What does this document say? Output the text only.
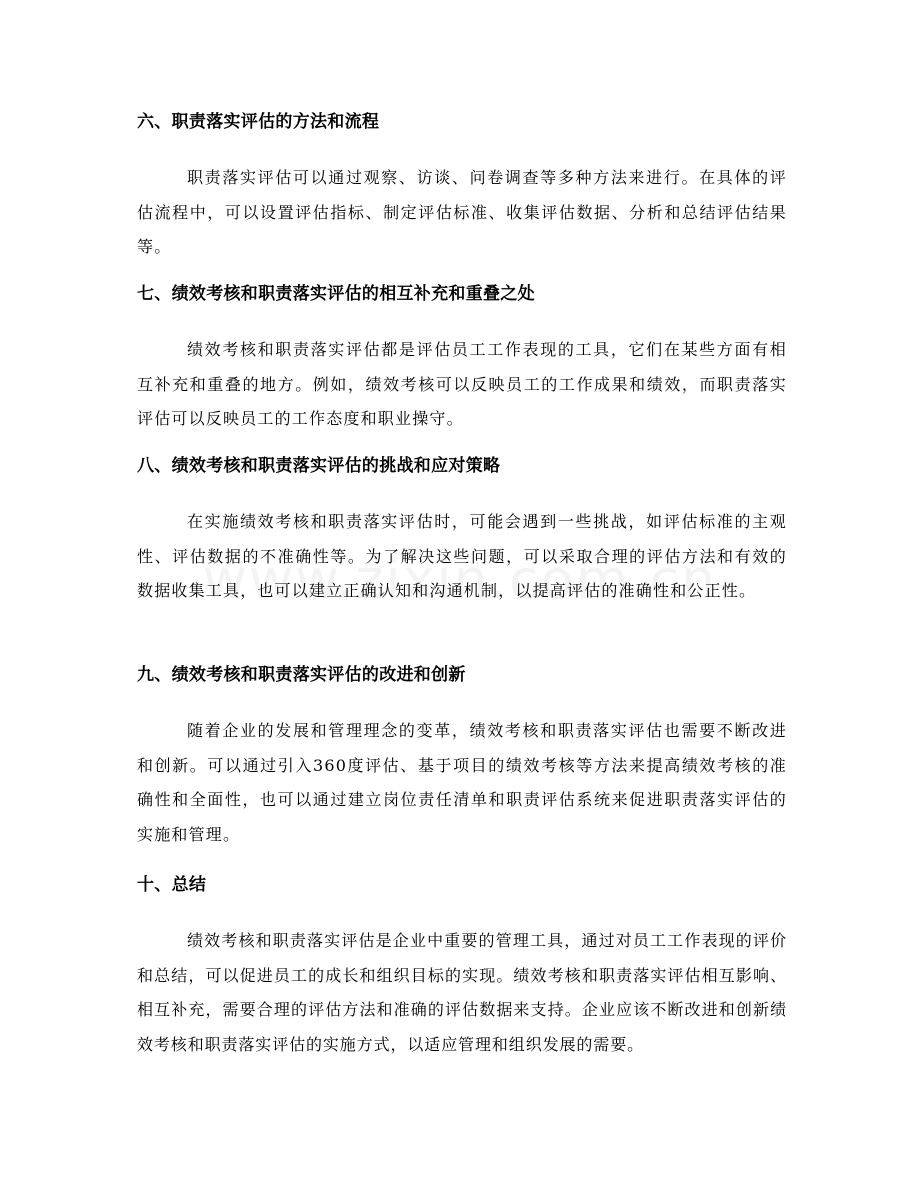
六、职责落实评估的方法和流程

职责落实评估可以通过观察、访谈、问卷调查等多种方法来进行。在具体的评估流程中，可以设置评估指标、制定评估标准、收集评估数据、分析和总结评估结果等。

七、绩效考核和职责落实评估的相互补充和重叠之处

绩效考核和职责落实评估都是评估员工工作表现的工具，它们在某些方面有相互补充和重叠的地方。例如，绩效考核可以反映员工的工作成果和绩效，而职责落实评估可以反映员工的工作态度和职业操守。

八、绩效考核和职责落实评估的挑战和应对策略

在实施绩效考核和职责落实评估时，可能会遇到一些挑战，如评估标准的主观性、评估数据的不准确性等。为了解决这些问题，可以采取合理的评估方法和有效的数据收集工具，也可以建立正确认知和沟通机制，以提高评估的准确性和公正性。

九、绩效考核和职责落实评估的改进和创新

随着企业的发展和管理理念的变革，绩效考核和职责落实评估也需要不断改进和创新。可以通过引入360度评估、基于项目的绩效考核等方法来提高绩效考核的准确性和全面性，也可以通过建立岗位责任清单和职责评估系统来促进职责落实评估的实施和管理。

十、总结

绩效考核和职责落实评估是企业中重要的管理工具，通过对员工工作表现的评价和总结，可以促进员工的成长和组织目标的实现。绩效考核和职责落实评估相互影响、相互补充，需要合理的评估方法和准确的评估数据来支持。企业应该不断改进和创新绩效考核和职责落实评估的实施方式，以适应管理和组织发展的需要。
